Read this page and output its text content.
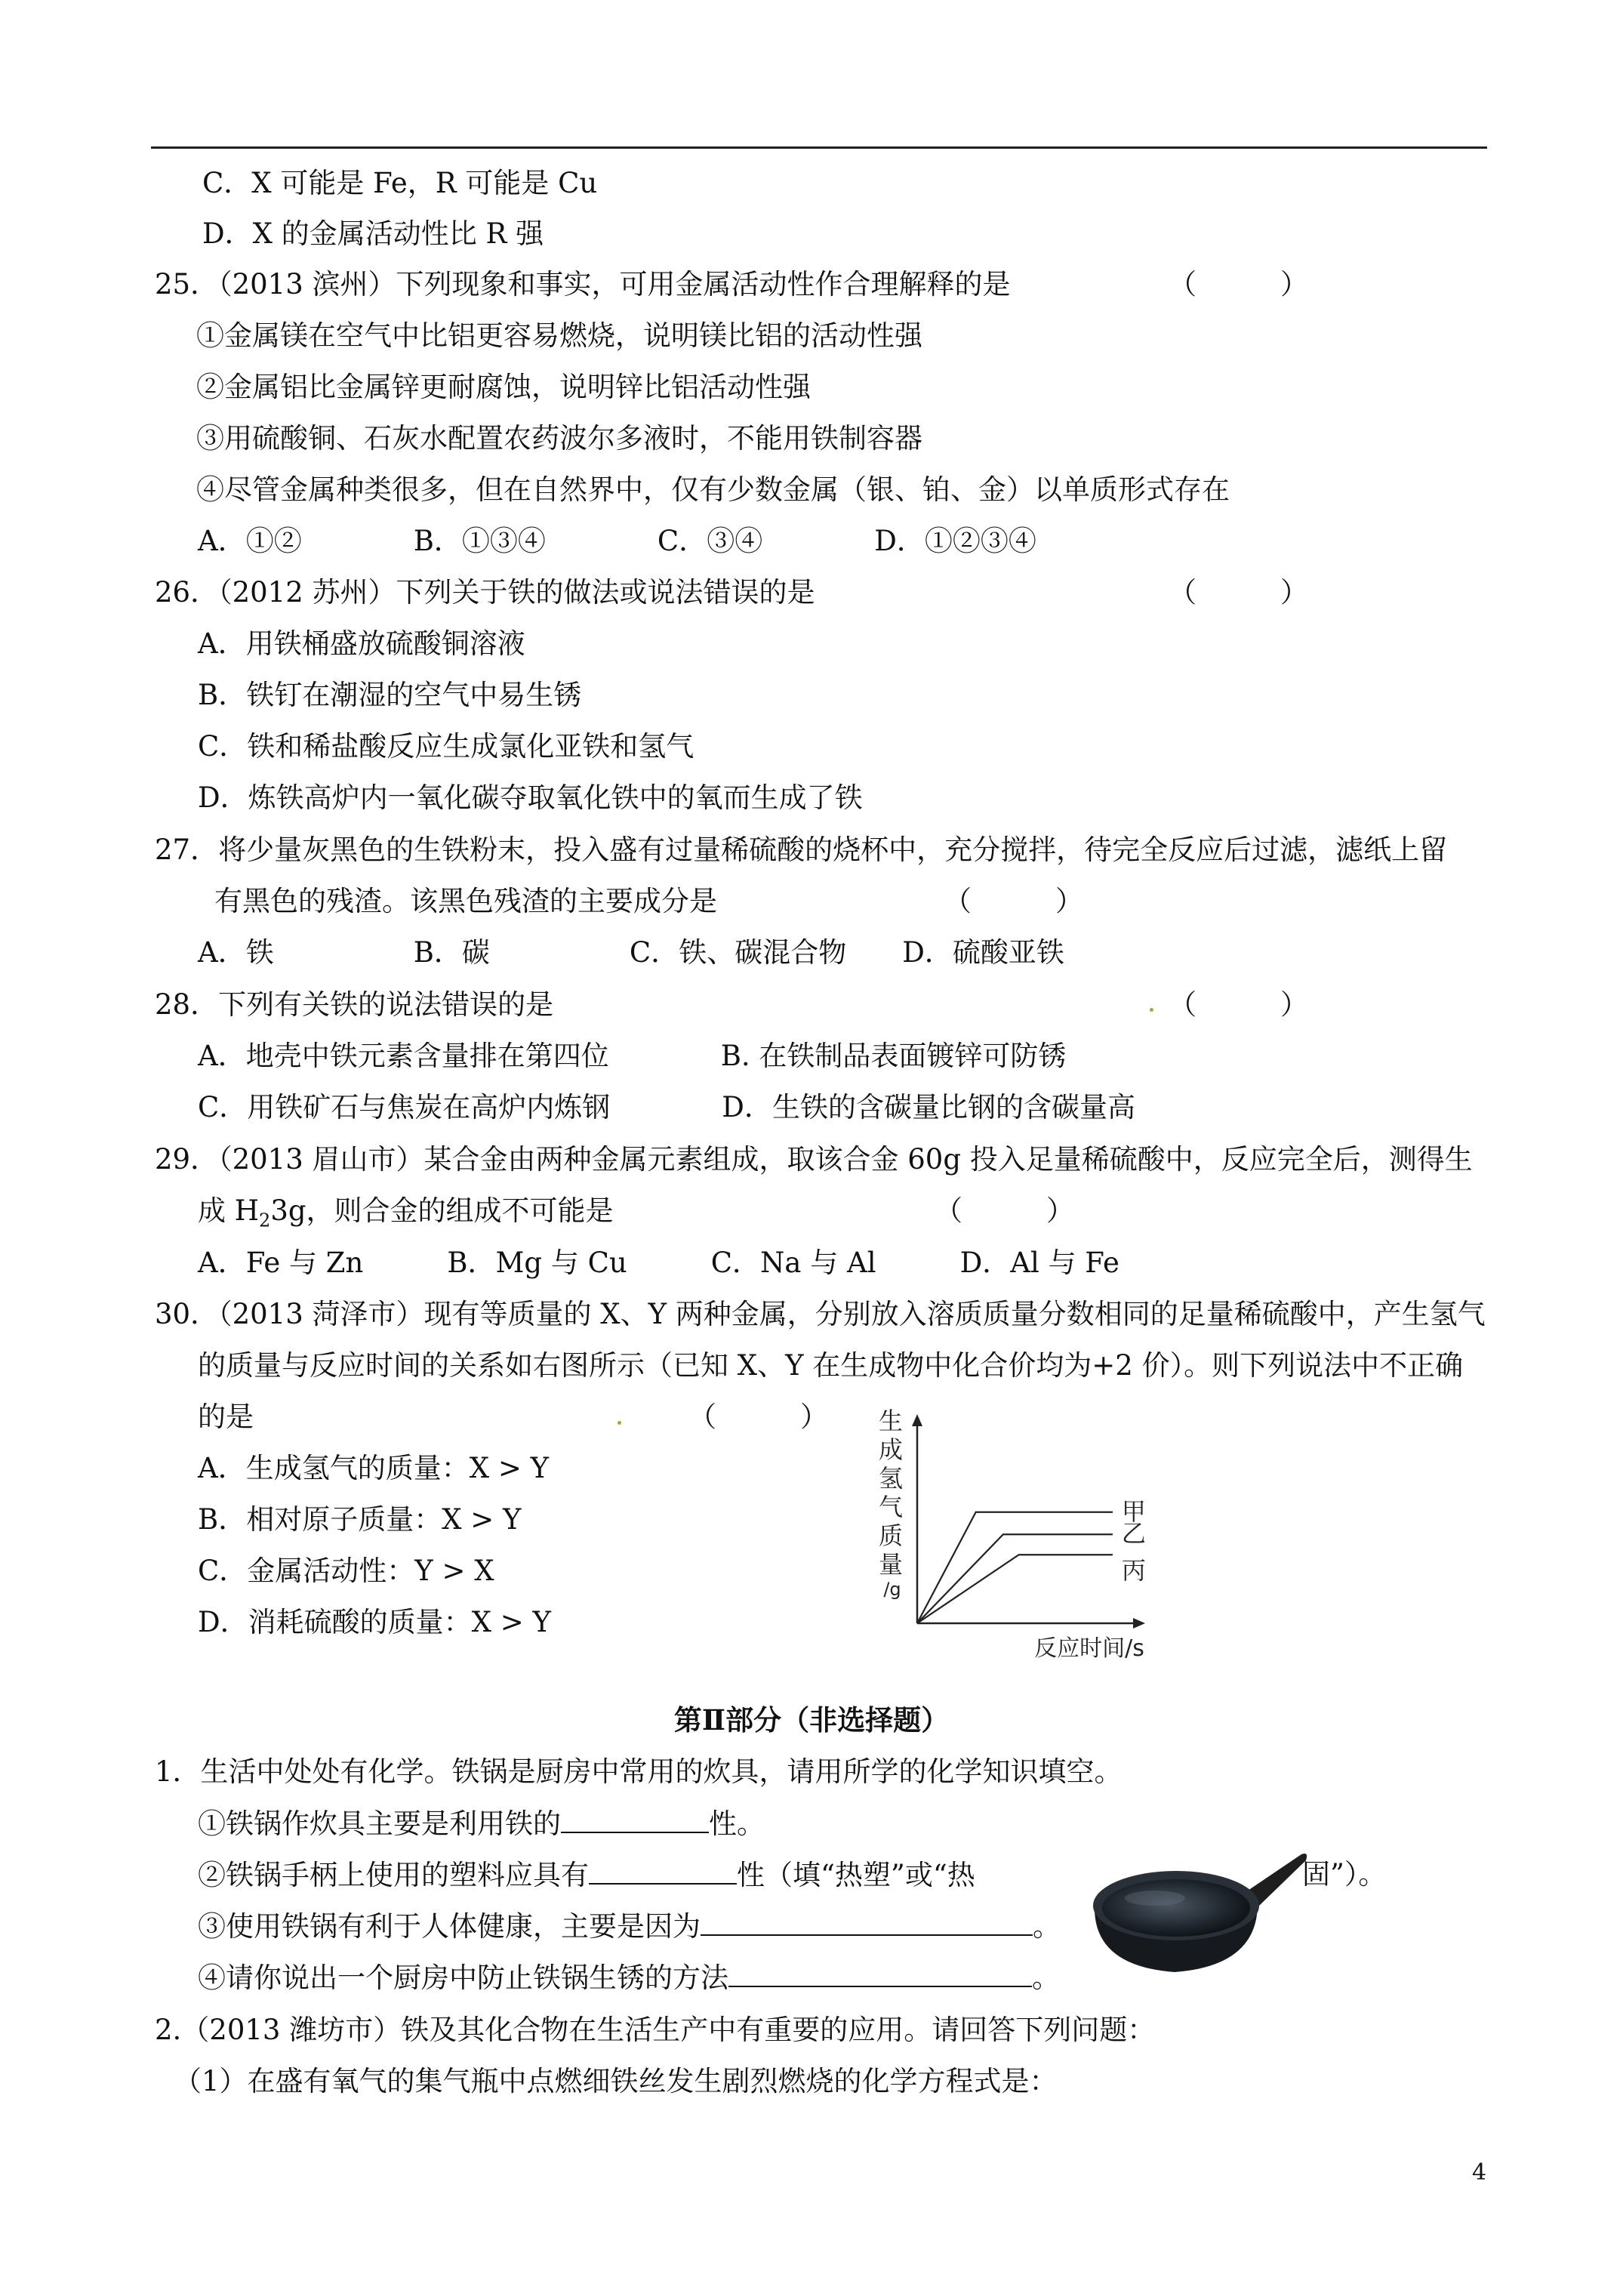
C．X 可能是 Fe，R 可能是 Cu
D．X 的金属活动性比 R 强
25．（2013 滨州）下列现象和事实，可用金属活动性作合理解释的是	（　　　）
①金属镁在空气中比铝更容易燃烧，说明镁比铝的活动性强
②金属铝比金属锌更耐腐蚀，说明锌比铝活动性强
③用硫酸铜、石灰水配置农药波尔多液时，不能用铁制容器
④尽管金属种类很多，但在自然界中，仅有少数金属（银、铂、金）以单质形式存在
A．①②　　　　B．①③④　　　　C．③④　　　　D．①②③④
26．（2012 苏州）下列关于铁的做法或说法错误的是	（　　　）
A．用铁桶盛放硫酸铜溶液
B．铁钉在潮湿的空气中易生锈
C．铁和稀盐酸反应生成氯化亚铁和氢气
D．炼铁高炉内一氧化碳夺取氧化铁中的氧而生成了铁
27．将少量灰黑色的生铁粉末，投入盛有过量稀硫酸的烧杯中，充分搅拌，待完全反应后过滤，滤纸上留
有黑色的残渣。该黑色残渣的主要成分是	（　　　）
A．铁　　　　　B．碳　　　　　C．铁、碳混合物　　D．硫酸亚铁
28．下列有关铁的说法错误的是	（　　　）
A．地壳中铁元素含量排在第四位　　　　B. 在铁制品表面镀锌可防锈
C．用铁矿石与焦炭在高炉内炼钢　　　　D．生铁的含碳量比钢的含碳量高
29．（2013 眉山市）某合金由两种金属元素组成，取该合金 60g 投入足量稀硫酸中，反应完全后，测得生
成 $H_23g$，则合金的组成不可能是	（　　　）
A．Fe 与 Zn　　　B．Mg 与 Cu　　　C．Na 与 Al　　　D．Al 与 Fe
30．（2013 菏泽市）现有等质量的 X、Y 两种金属，分别放入溶质质量分数相同的足量稀硫酸中，产生氢气
的质量与反应时间的关系如右图所示（已知 X、Y 在生成物中化合价均为+2 价）。则下列说法中不正确
的是	（　　　）
A．生成氢气的质量：X > Y
B．相对原子质量：X > Y
C．金属活动性：Y > X
D．消耗硫酸的质量：X > Y
生
成
氢
气
质
量
/g
反应时间/s
甲
乙
丙
第Ⅱ部分（非选择题）
1．生活中处处有化学。铁锅是厨房中常用的炊具，请用所学的化学知识填空。
①铁锅作炊具主要是利用铁的	性。
②铁锅手柄上使用的塑料应具有	性（填“热塑”或“热	固”）。
③使用铁锅有利于人体健康，主要是因为	。
④请你说出一个厨房中防止铁锅生锈的方法	。
2.（2013 潍坊市）铁及其化合物在生活生产中有重要的应用。请回答下列问题：
（1）在盛有氧气的集气瓶中点燃细铁丝发生剧烈燃烧的化学方程式是：
4
